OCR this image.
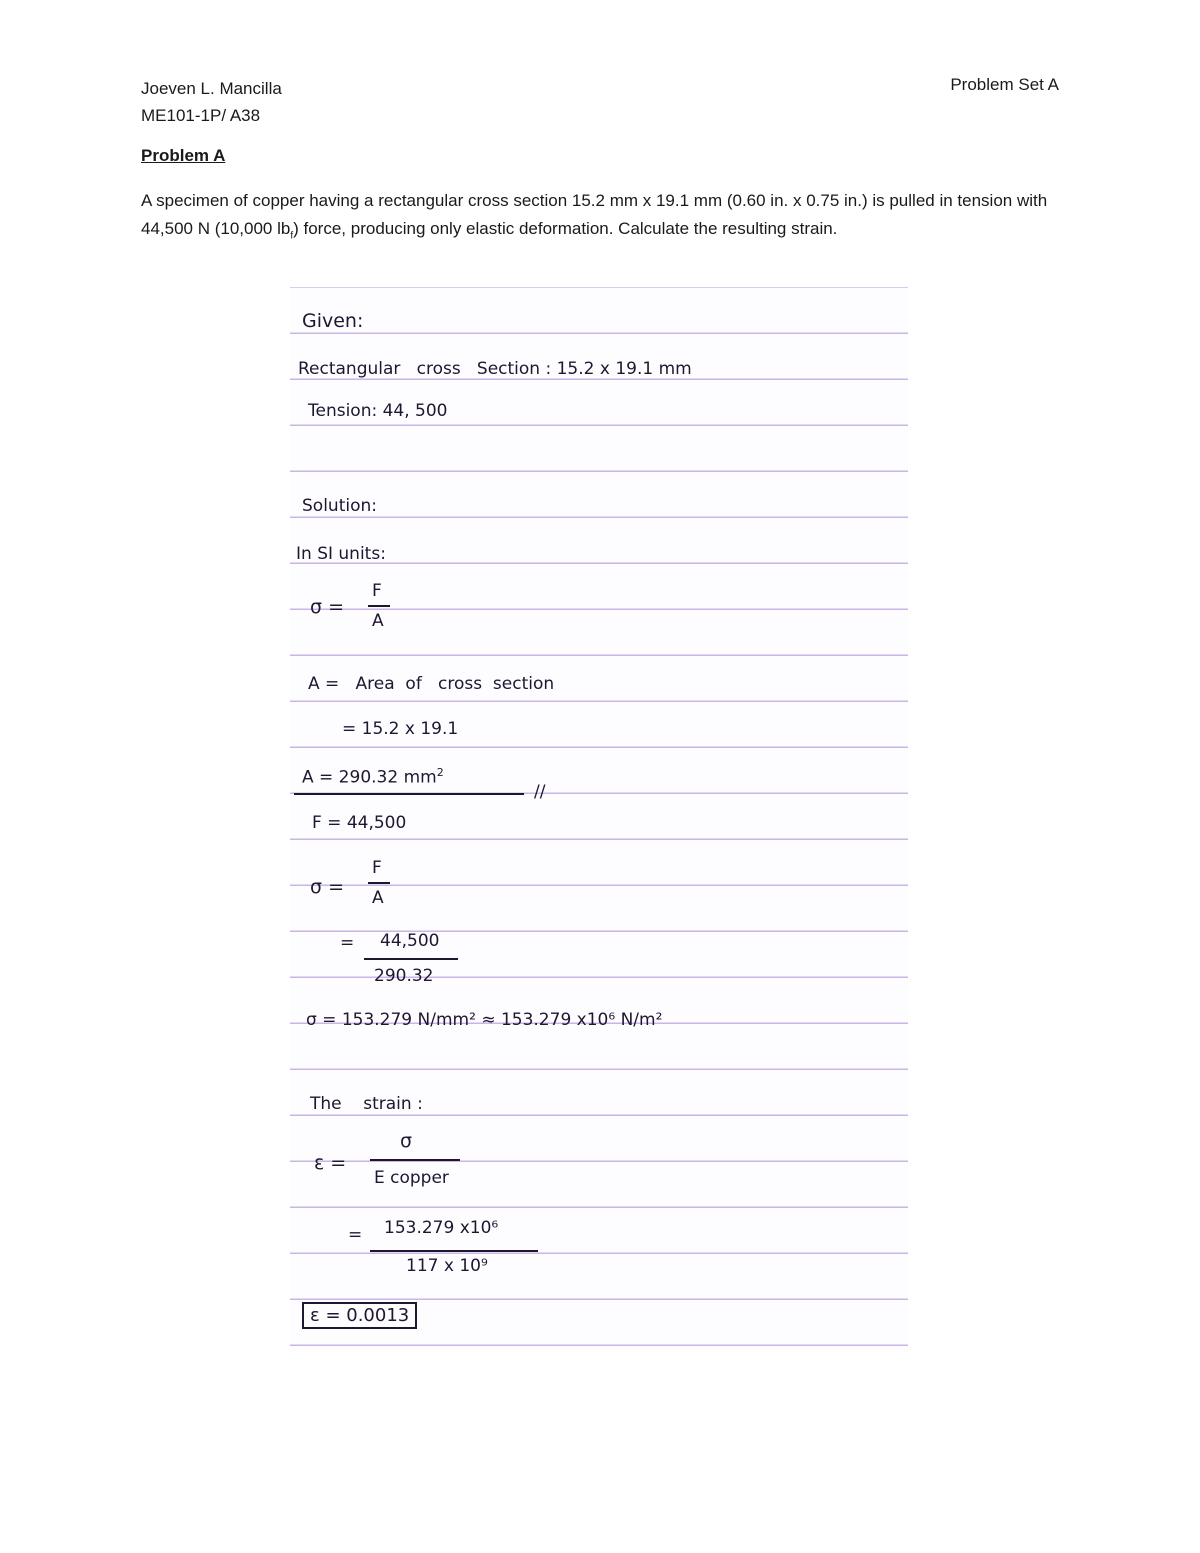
Joeven L. Mancilla
ME101-1P/ A38
Problem Set A
Problem A
A specimen of copper having a rectangular cross section 15.2 mm x 19.1 mm (0.60 in. x 0.75 in.) is pulled in tension with 44,500 N (10,000 $lb_f$) force, producing only elastic deformation. Calculate the resulting strain.
Given:
Rectangular   cross   Section : 15.2 x 19.1 mm
Tension: 44, 500
Solution:
In SI units:
σ =
F
A
A =   Area  of   cross  section
= 15.2 x 19.1
A = 290.32 $mm^2$
//
F = 44,500
σ =
F
A
= 44,500
290.32
σ = 153.279 N/mm² ≈ 153.279 x10⁶ N/m²
The    strain :
ε =
σ
E copper
= 153.279 x10⁶
117 x 10⁹
ε = 0.0013
